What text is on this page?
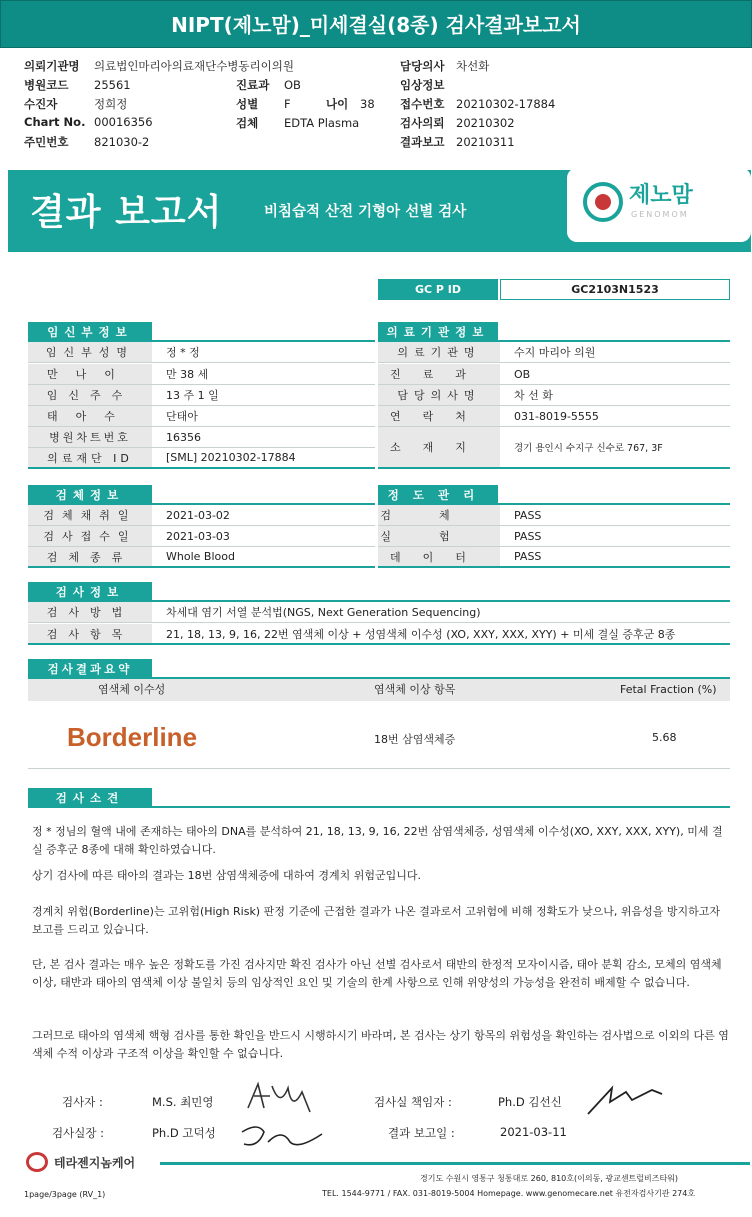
NIPT(제노맘)_미세결실(8종) 검사결과보고서
의뢰기관명 의료법인마리아의료재단수병동리이의원
병원코드 25561
수진자	정희정
Chart No. 00016356
주민번호 821030-2
진료과 OB
성별 F	나이 38
검체 EDTA Plasma
담당의사 차선화
임상정보
접수번호 20210302-17884
검사의뢰 20210302
결과보고 20210311
결과 보고서	비침습적 산전 기형아 선별 검사
제노맘
GENOMOM
GC P ID	GC2103N1523
임신부정보
임신부성명	정 * 정
만나이	만 38 세
임신주수	13 주 1 일
태아수	단태아
병원차트번호	16356
의료재단 ID	[SML] 20210302-17884
의료기관정보
의료기관명	수지 마리아 의원
진료과	OB
담당의사명	차 선 화
연락처	031-8019-5555
소재지	경기 용인시 수지구 신수로 767, 3F
검체정보
검체채취일	2021-03-02
검사접수일	2021-03-03
검체종류	Whole Blood
정도관리
검체	PASS
실험	PASS
데이터	PASS
검사정보
검사방법	차세대 염기 서열 분석법(NGS, Next Generation Sequencing)
검사항목	21, 18, 13, 9, 16, 22번 염색체 이상 + 성염색체 이수성 (XO, XXY, XXX, XYY) + 미세 결실 증후군 8종
검사결과요약
염색체 이수성	염색체 이상 항목	Fetal Fraction (%)
Borderline	18번 삼염색체증	5.68
검사소견
정 * 정님의 혈액 내에 존재하는 태아의 DNA를 분석하여 21, 18, 13, 9, 16, 22번 삼염색체증, 성염색체 이수성(XO, XXY, XXX, XYY), 미세 결실 증후군 8종에 대해 확인하였습니다.
상기 검사에 따른 태아의 결과는 18번 삼염색체증에 대하여 경계치 위험군입니다.
경계치 위험(Borderline)는 고위험(High Risk) 판정 기준에 근접한 결과가 나온 결과로서 고위험에 비해 정확도가 낮으나, 위음성을 방지하고자 보고를 드리고 있습니다.
단, 본 검사 결과는 매우 높은 정확도를 가진 검사지만 확진 검사가 아닌 선별 검사로서 태반의 한정적 모자이시즘, 태아 분획 감소, 모체의 염색체 이상, 태반과 태아의 염색체 이상 불일치 등의 임상적인 요인 및 기술의 한계 사항으로 인해 위양성의 가능성을 완전히 배제할 수 없습니다.
그러므로 태아의 염색체 핵형 검사를 통한 확인을 반드시 시행하시기 바라며, 본 검사는 상기 항목의 위험성을 확인하는 검사법으로 이외의 다른 염색체 수적 이상과 구조적 이상을 확인할 수 없습니다.
검사자 :	M.S. 최민영	검사실 책임자 :	Ph.D 김선신
검사실장 :	Ph.D 고덕성	결과 보고일 :	2021-03-11
테라젠지놈케어
1page/3page (RV_1)
경기도 수원시 영통구 청통대로 260, 810호(이의동, 광교센트럴비즈타워)
TEL. 1544-9771 / FAX. 031-8019-5004 Homepage. www.genomecare.net 유전자검사기관 274호
